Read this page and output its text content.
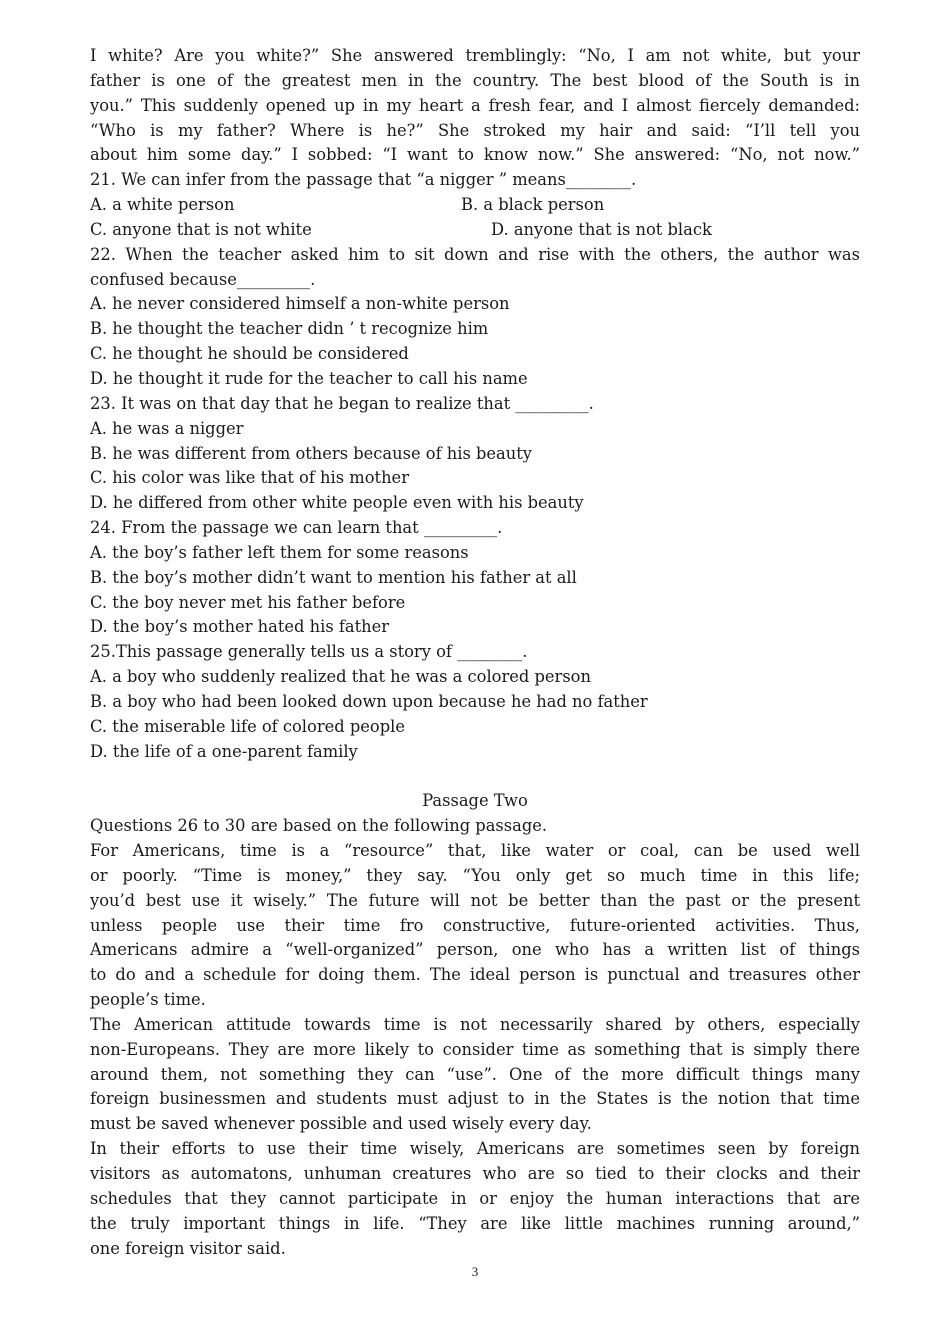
I white? Are you white?” She answered tremblingly: “No, I am not white, but your
father is one of the greatest men in the country. The best blood of the South is in
you.” This suddenly opened up in my heart a fresh fear, and I almost fiercely demanded:
“Who is my father? Where is he?” She stroked my hair and said: “I’ll tell you
about him some day.” I sobbed: “I want to know now.” She answered: “No, not now.”
21. We can infer from the passage that “a nigger ” means________.
A. a white person	B. a black person
C. anyone that is not white	D. anyone that is not black
22. When the teacher asked him to sit down and rise with the others, the author was
confused because_________.
A. he never considered himself a non-white person
B. he thought the teacher didn ’ t recognize him
C. he thought he should be considered
D. he thought it rude for the teacher to call his name
23. It was on that day that he began to realize that _________.
A. he was a nigger
B. he was different from others because of his beauty
C. his color was like that of his mother
D. he differed from other white people even with his beauty
24. From the passage we can learn that _________.
A. the boy’s father left them for some reasons
B. the boy’s mother didn’t want to mention his father at all
C. the boy never met his father before
D. the boy’s mother hated his father
25.This passage generally tells us a story of ________.
A. a boy who suddenly realized that he was a colored person
B. a boy who had been looked down upon because he had no father
C. the miserable life of colored people
D. the life of a one-parent family
Passage Two
Questions 26 to 30 are based on the following passage.
For Americans, time is a “resource” that, like water or coal, can be used well
or poorly. “Time is money,” they say. “You only get so much time in this life;
you’d best use it wisely.” The future will not be better than the past or the present
unless people use their time fro constructive, future-oriented activities. Thus,
Americans admire a “well-organized” person, one who has a written list of things
to do and a schedule for doing them. The ideal person is punctual and treasures other
people’s time.
The American attitude towards time is not necessarily shared by others, especially
non-Europeans. They are more likely to consider time as something that is simply there
around them, not something they can “use”. One of the more difficult things many
foreign businessmen and students must adjust to in the States is the notion that time
must be saved whenever possible and used wisely every day.
In their efforts to use their time wisely, Americans are sometimes seen by foreign
visitors as automatons, unhuman creatures who are so tied to their clocks and their
schedules that they cannot participate in or enjoy the human interactions that are
the truly important things in life. “They are like little machines running around,”
one foreign visitor said.
3
